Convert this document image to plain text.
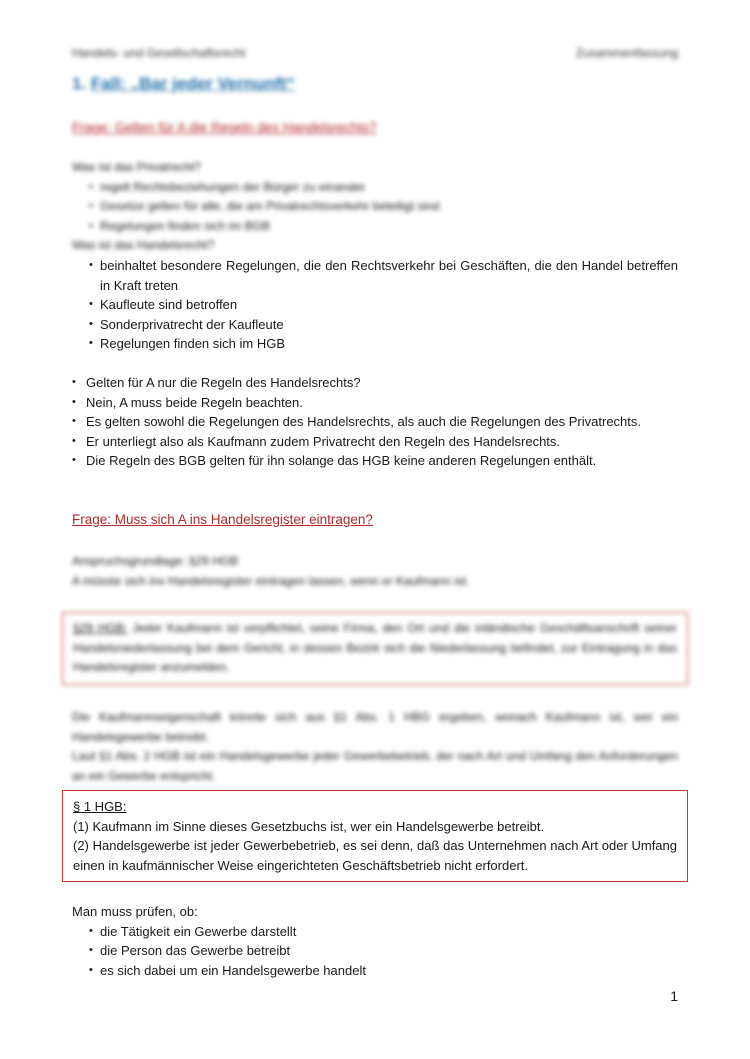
Handels- und Gesellschaftsrecht	Zusammenfassung
1. Fall: „Bar jeder Vernunft“
Frage: Gelten für A die Regeln des Handelsrechts?
Was ist das Privatrecht?
• regelt Rechtsbeziehungen der Bürger zu einander
• Gesetze gelten für alle, die am Privatrechtsverkehr beteiligt sind
• Regelungen finden sich im BGB
Was ist das Handelsrecht?
• beinhaltet besondere Regelungen, die den Rechtsverkehr bei Geschäften, die den Handel betreffen in Kraft treten
• Kaufleute sind betroffen
• Sonderprivatrecht der Kaufleute
• Regelungen finden sich im HGB
• Gelten für A nur die Regeln des Handelsrechts?
• Nein, A muss beide Regeln beachten.
• Es gelten sowohl die Regelungen des Handelsrechts, als auch die Regelungen des Privatrechts.
• Er unterliegt also als Kaufmann zudem Privatrecht den Regeln des Handelsrechts.
• Die Regeln des BGB gelten für ihn solange das HGB keine anderen Regelungen enthält.
Frage: Muss sich A ins Handelsregister eintragen?
Anspruchsgrundlage: §29 HGB
A müsste sich ins Handelsregister eintragen lassen, wenn er Kaufmann ist.
§29 HGB: Jeder Kaufmann ist verpflichtet, seine Firma, den Ort und die inländische Geschäftsanschrift seiner Handelsniederlassung bei dem Gericht, in dessen Bezirk sich die Niederlassung befindet, zur Eintragung in das Handelsregister anzumelden.
Die Kaufmannseigenschaft könnte sich aus §1 Abs. 1 HBG ergeben, wonach Kaufmann ist, wer ein Handelsgewerbe betreibt.
Laut §1 Abs. 2 HGB ist ein Handelsgewerbe jeder Gewerbebetrieb, der nach Art und Umfang den Anforderungen an ein Gewerbe entspricht.
§ 1 HGB:
(1) Kaufmann im Sinne dieses Gesetzbuchs ist, wer ein Handelsgewerbe betreibt.
(2) Handelsgewerbe ist jeder Gewerbebetrieb, es sei denn, daß das Unternehmen nach Art oder Umfang einen in kaufmännischer Weise eingerichteten Geschäftsbetrieb nicht erfordert.
Man muss prüfen, ob:
• die Tätigkeit ein Gewerbe darstellt
• die Person das Gewerbe betreibt
• es sich dabei um ein Handelsgewerbe handelt
1
